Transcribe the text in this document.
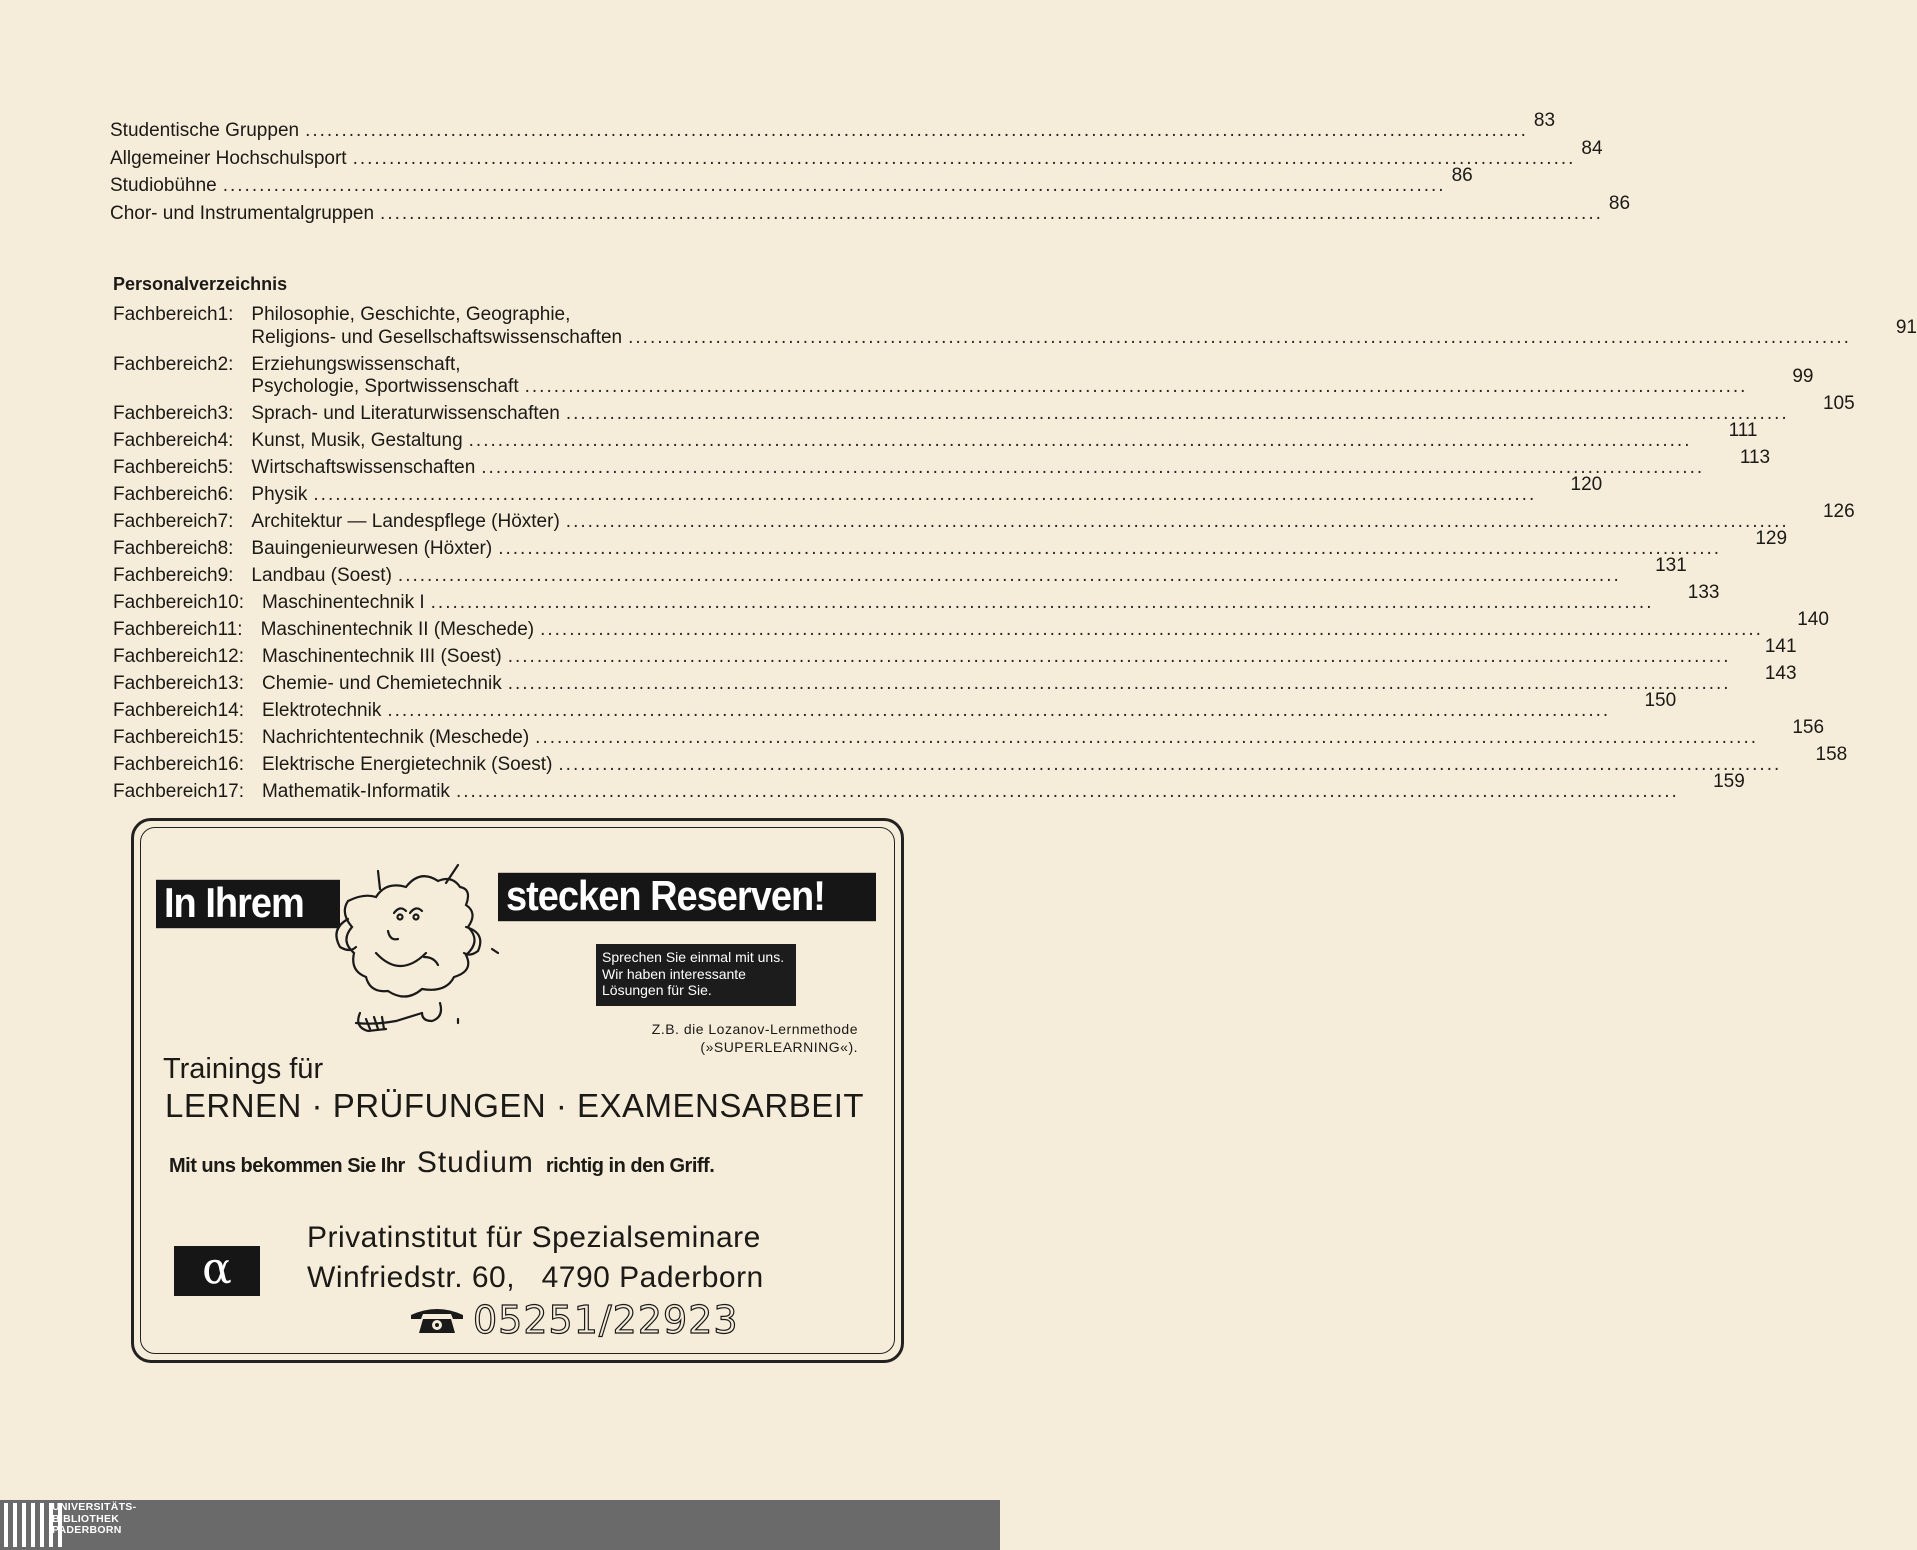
Studentische Gruppen .....	83
Allgemeiner Hochschulsport .....	84
Studiobühne .....	86
Chor- und Instrumentalgruppen .....	86
Personalverzeichnis
Fachbereich 1: Philosophie, Geschichte, Geographie,
Religions- und Gesellschaftswissenschaften .....	91
Fachbereich 2: Erziehungswissenschaft,
Psychologie, Sportwissenschaft .....	99
Fachbereich 3: Sprach- und Literaturwissenschaften .....	105
Fachbereich 4: Kunst, Musik, Gestaltung .....	111
Fachbereich 5: Wirtschaftswissenschaften .....	113
Fachbereich 6: Physik .....	120
Fachbereich 7: Architektur — Landespflege (Höxter) .....	126
Fachbereich 8: Bauingenieurwesen (Höxter) .....	129
Fachbereich 9: Landbau (Soest) .....	131
Fachbereich 10: Maschinentechnik I .....	133
Fachbereich 11: Maschinentechnik II (Meschede) .....	140
Fachbereich 12: Maschinentechnik III (Soest) .....	141
Fachbereich 13: Chemie- und Chemietechnik .....	143
Fachbereich 14: Elektrotechnik .....	150
Fachbereich 15: Nachrichtentechnik (Meschede) .....	156
Fachbereich 16: Elektrische Energietechnik (Soest) .....	158
Fachbereich 17: Mathematik-Informatik .....	159
In Ihrem	stecken Reserven!
Sprechen Sie einmal mit uns. Wir haben interessante Lösungen für Sie.
Z.B. die Lozanov-Lernmethode
(»SUPERLEARNING«).
Trainings für
LERNEN · PRÜFUNGEN · EXAMENSARBEIT
Mit uns bekommen Sie Ihr Studium richtig in den Griff.
α
Privatinstitut für Spezialseminare
Winfriedstr. 60,   4790 Paderborn
05251/22923
UNIVERSITÄTS-
BIBLIOTHEK
PADERBORN
